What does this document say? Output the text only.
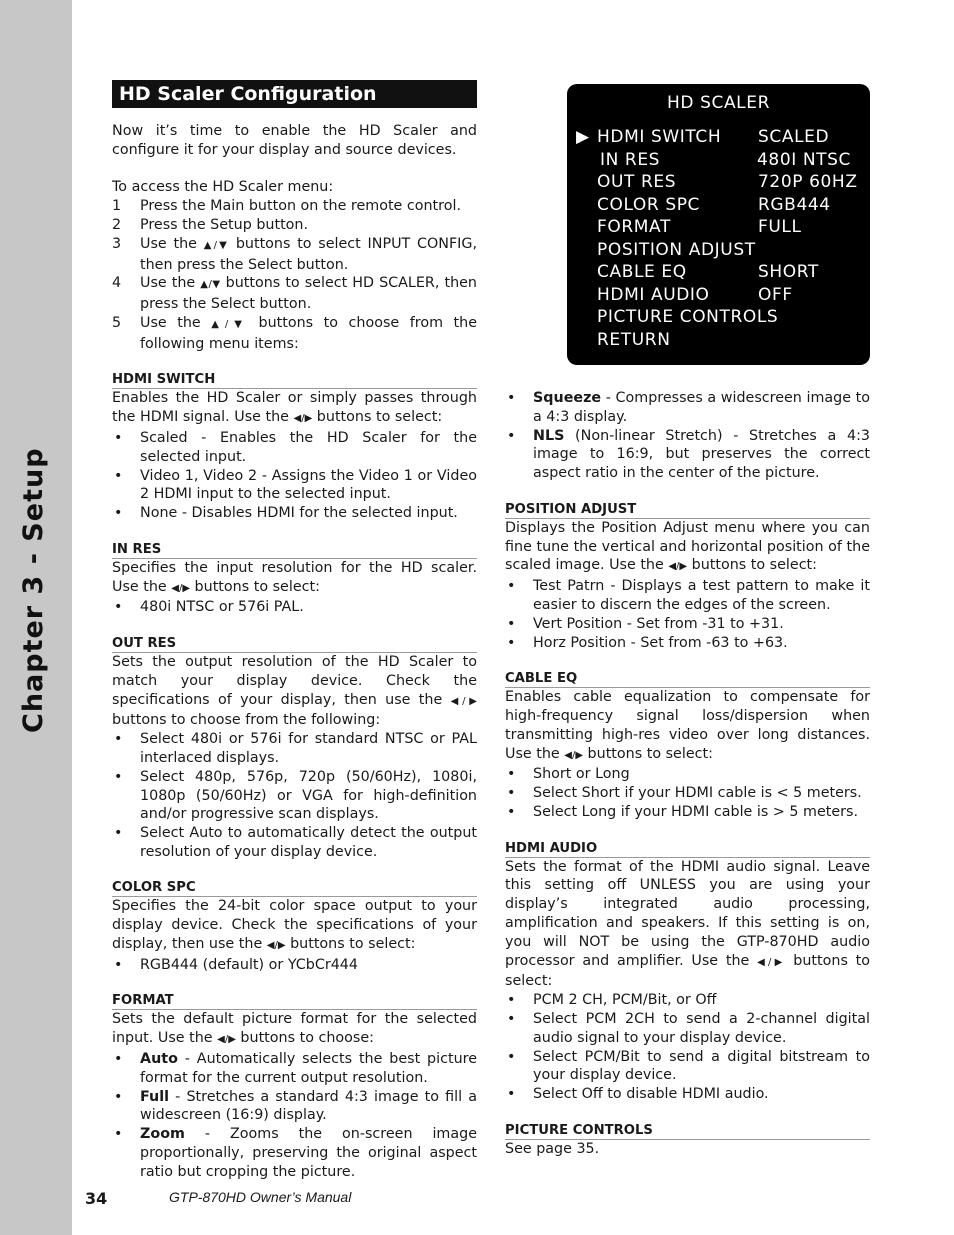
Chapter 3 - Setup
HD Scaler Configuration

Now it’s time to enable the HD Scaler and configure it for your display and source devices.

To access the HD Scaler menu:

1 Press the Main button on the remote control.
2 Press the Setup button.
3 Use the ▲/▼ buttons to select INPUT CONFIG, then press the Select button.
4 Use the ▲/▼ buttons to select HD SCALER, then press the Select button.
5 Use the ▲/▼ buttons to choose from the following menu items:
HDMI SWITCH

Enables the HD Scaler or simply passes through the HDMI signal. Use the ◀/▶ buttons to select:

• Scaled - Enables the HD Scaler for the selected input.
• Video 1, Video 2 - Assigns the Video 1 or Video 2 HDMI input to the selected input.
• None - Disables HDMI for the selected input.
IN RES

Specifies the input resolution for the HD scaler. Use the ◀/▶ buttons to select:

• 480i NTSC or 576i PAL.
OUT RES

Sets the output resolution of the HD Scaler to match your display device. Check the specifications of your display, then use the ◀/▶ buttons to choose from the following:

• Select 480i or 576i for standard NTSC or PAL interlaced displays.
• Select 480p, 576p, 720p (50/60Hz), 1080i, 1080p (50/60Hz) or VGA for high-definition and/or progressive scan displays.
• Select Auto to automatically detect the output resolution of your display device.
COLOR SPC

Specifies the 24-bit color space output to your display device. Check the specifications of your display, then use the ◀/▶ buttons to select:

• RGB444 (default) or YCbCr444
FORMAT

Sets the default picture format for the selected input. Use the ◀/▶ buttons to choose:

• Auto - Automatically selects the best picture format for the current output resolution.
• Full - Stretches a standard 4:3 image to fill a widescreen (16:9) display.
• Zoom - Zooms the on-screen image proportionally, preserving the original aspect ratio but cropping the picture.
HD SCALER
▶ HDMI SWITCH SCALED
IN RES	480I NTSC
OUT RES	720P 60HZ
COLOR SPC	RGB444
FORMAT	FULL
POSITION ADJUST
CABLE EQ	SHORT
HDMI AUDIO	OFF
PICTURE CONTROLS
RETURN
• Squeeze - Compresses a widescreen image to a 4:3 display.
• NLS (Non-linear Stretch) - Stretches a 4:3 image to 16:9, but preserves the correct aspect ratio in the center of the picture.
POSITION ADJUST

Displays the Position Adjust menu where you can fine tune the vertical and horizontal position of the scaled image. Use the ◀/▶ buttons to select:

• Test Patrn - Displays a test pattern to make it easier to discern the edges of the screen.
• Vert Position - Set from -31 to +31.
• Horz Position - Set from -63 to +63.
CABLE EQ

Enables cable equalization to compensate for high-frequency signal loss/dispersion when transmitting high-res video over long distances. Use the ◀/▶ buttons to select:

• Short or Long
• Select Short if your HDMI cable is < 5 meters.
• Select Long if your HDMI cable is > 5 meters.
HDMI AUDIO

Sets the format of the HDMI audio signal. Leave this setting off UNLESS you are using your display’s integrated audio processing, amplification and speakers. If this setting is on, you will NOT be using the GTP-870HD audio processor and amplifier. Use the ◀/▶ buttons to select:

• PCM 2 CH, PCM/Bit, or Off
• Select PCM 2CH to send a 2-channel digital audio signal to your display device.
• Select PCM/Bit to send a digital bitstream to your display device.
• Select Off to disable HDMI audio.
PICTURE CONTROLS

See page 35.

34	GTP-870HD Owner’s Manual
